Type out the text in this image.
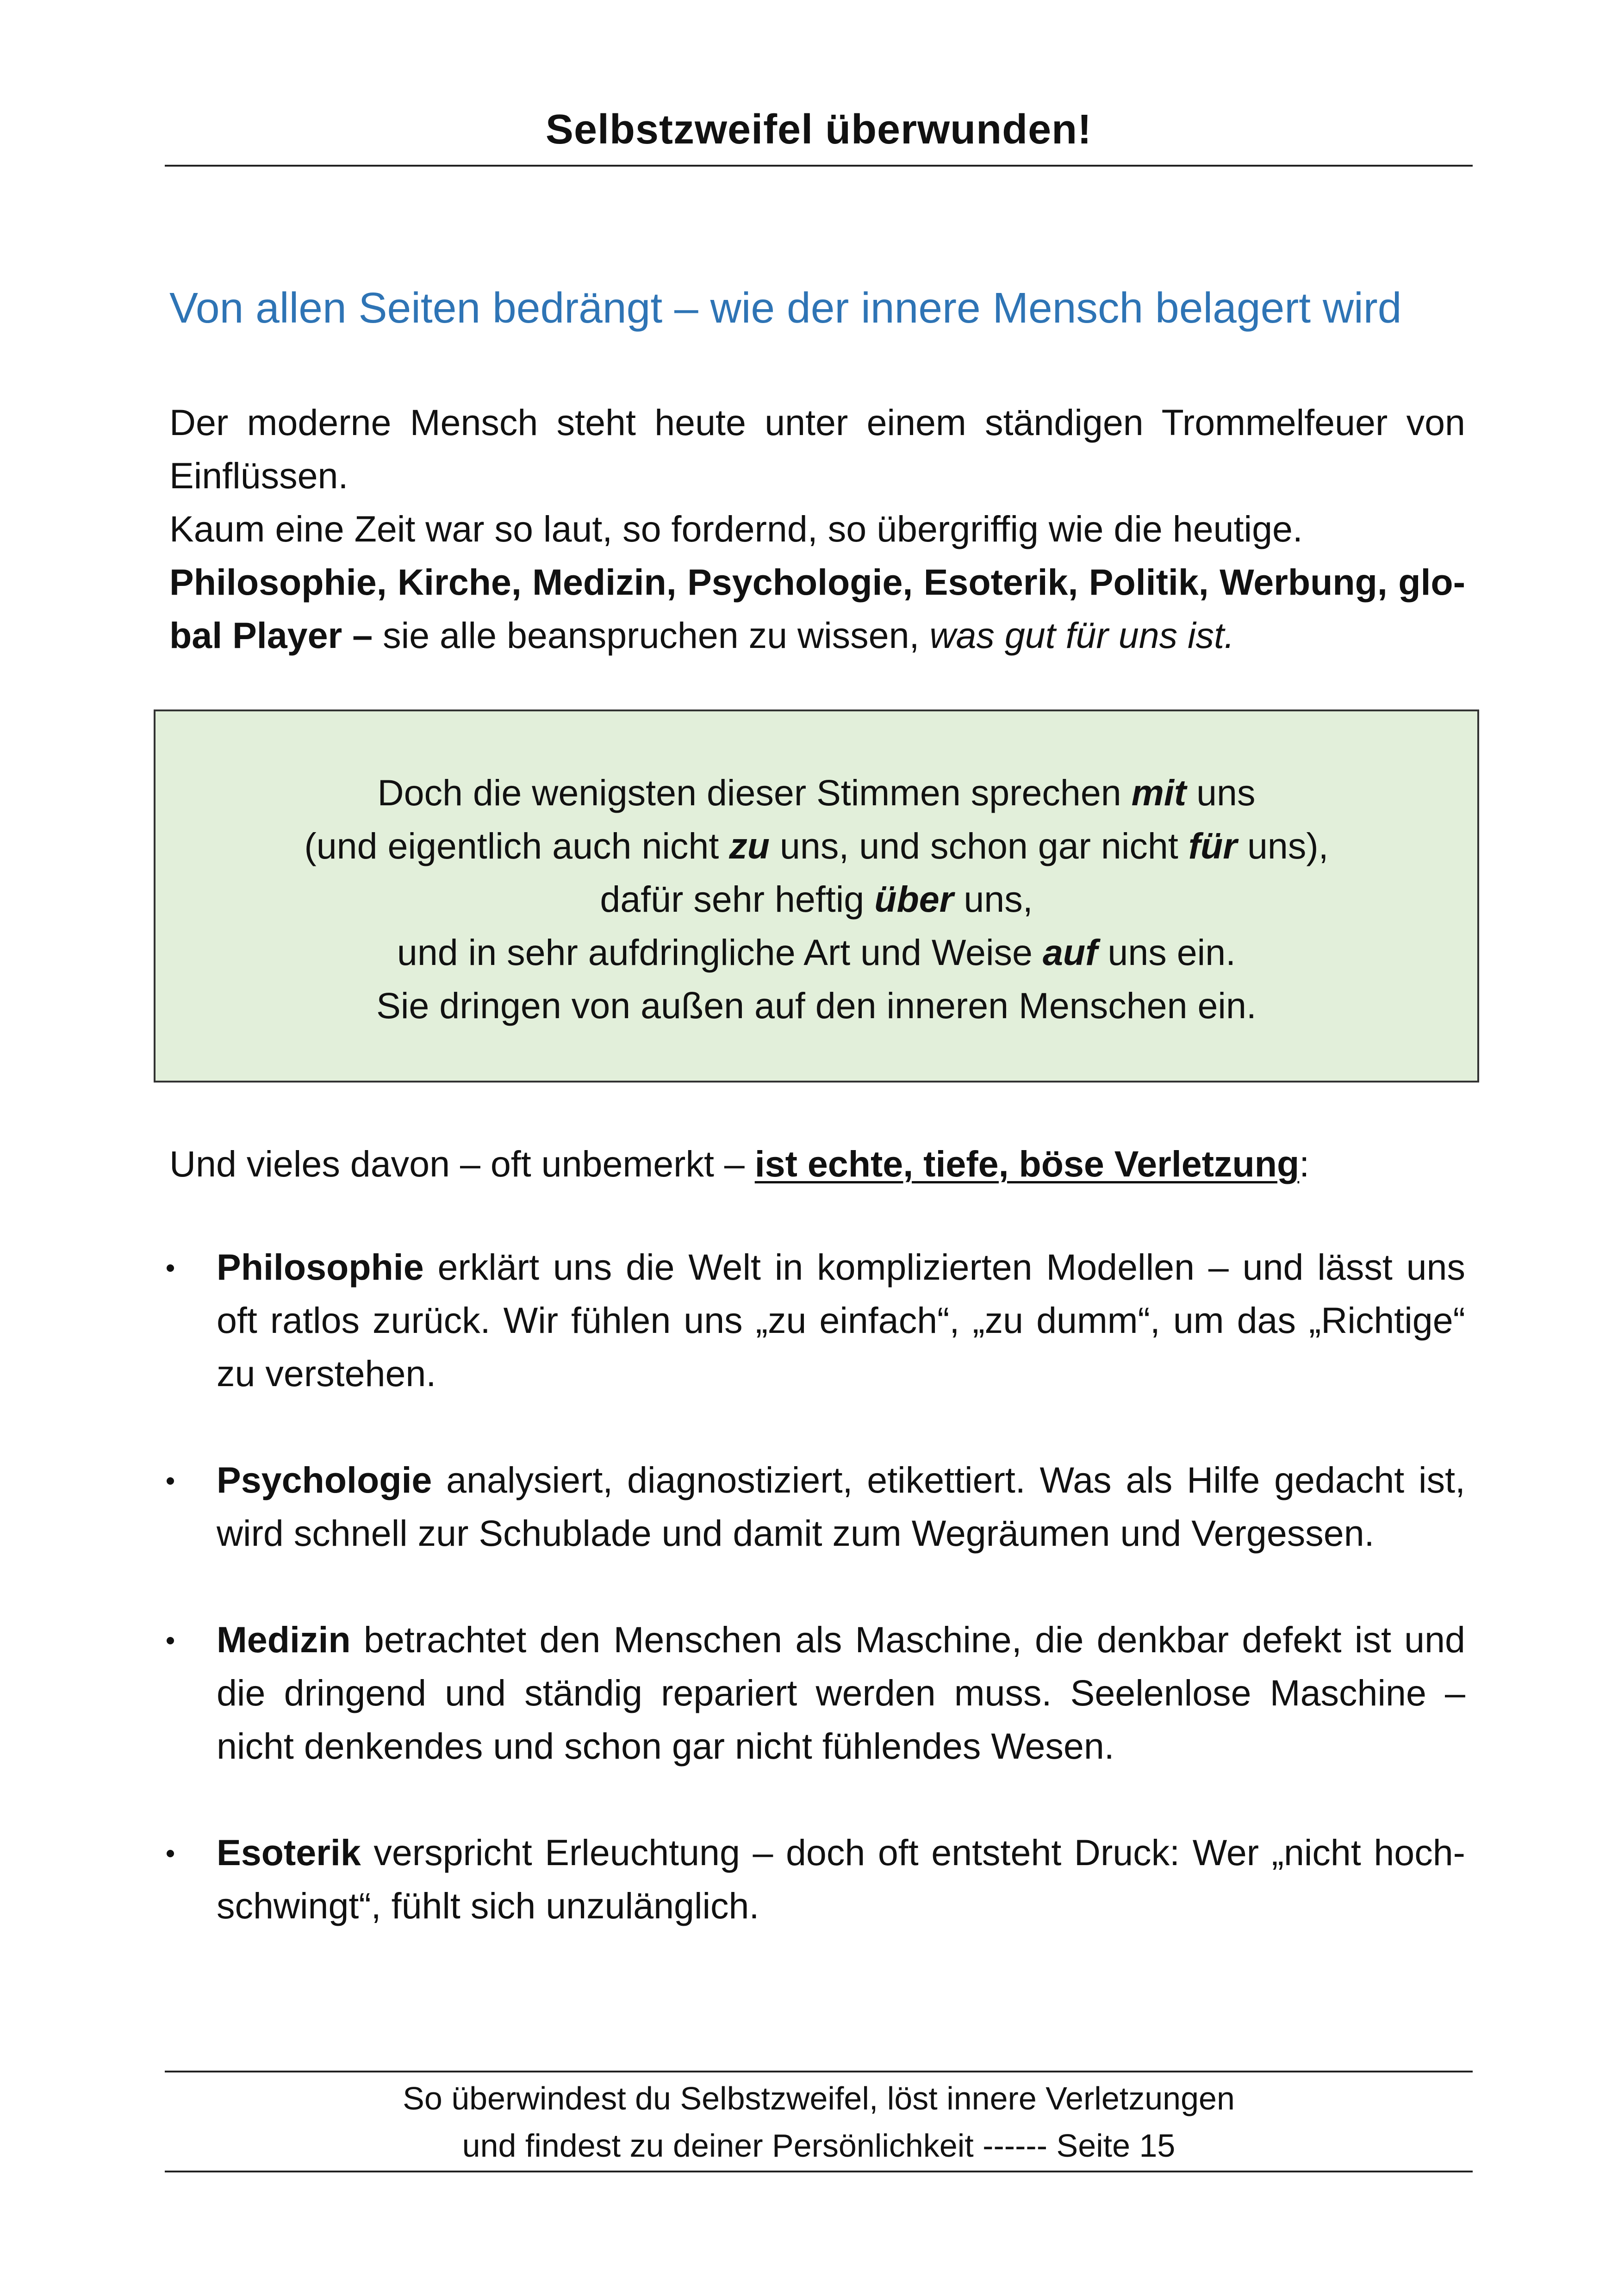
Selbstzweifel überwunden!
Von allen Seiten bedrängt – wie der innere Mensch belagert wird

Der moderne Mensch steht heute unter einem ständigen Trommelfeuer von Einflüssen.

Kaum eine Zeit war so laut, so fordernd, so übergriffig wie die heutige.

Philosophie, Kirche, Medizin, Psychologie, Esoterik, Politik, Werbung, global Player – sie alle beanspruchen zu wissen, was gut für uns ist.

Doch die wenigsten dieser Stimmen sprechen mit uns
(und eigentlich auch nicht zu uns, und schon gar nicht für uns),
dafür sehr heftig über uns,
und in sehr aufdringliche Art und Weise auf uns ein.
Sie dringen von außen auf den inneren Menschen ein.
Und vieles davon – oft unbemerkt – ist echte, tiefe, böse Verletzung:
Philosophie erklärt uns die Welt in komplizierten Modellen – und lässt uns oft ratlos zurück. Wir fühlen uns „zu einfach“, „zu dumm“, um das „Richtige“ zu verstehen.
Psychologie analysiert, diagnostiziert, etikettiert. Was als Hilfe gedacht ist, wird schnell zur Schublade und damit zum Wegräumen und Vergessen.
Medizin betrachtet den Menschen als Maschine, die denkbar defekt ist und die dringend und ständig repariert werden muss. Seelenlose Maschine – nicht denkendes und schon gar nicht fühlendes Wesen.
Esoterik verspricht Erleuchtung – doch oft entsteht Druck: Wer „nicht hoch-schwingt“, fühlt sich unzulänglich.
So überwindest du Selbstzweifel, löst innere Verletzungen
und findest zu deiner Persönlichkeit ------ Seite 15
